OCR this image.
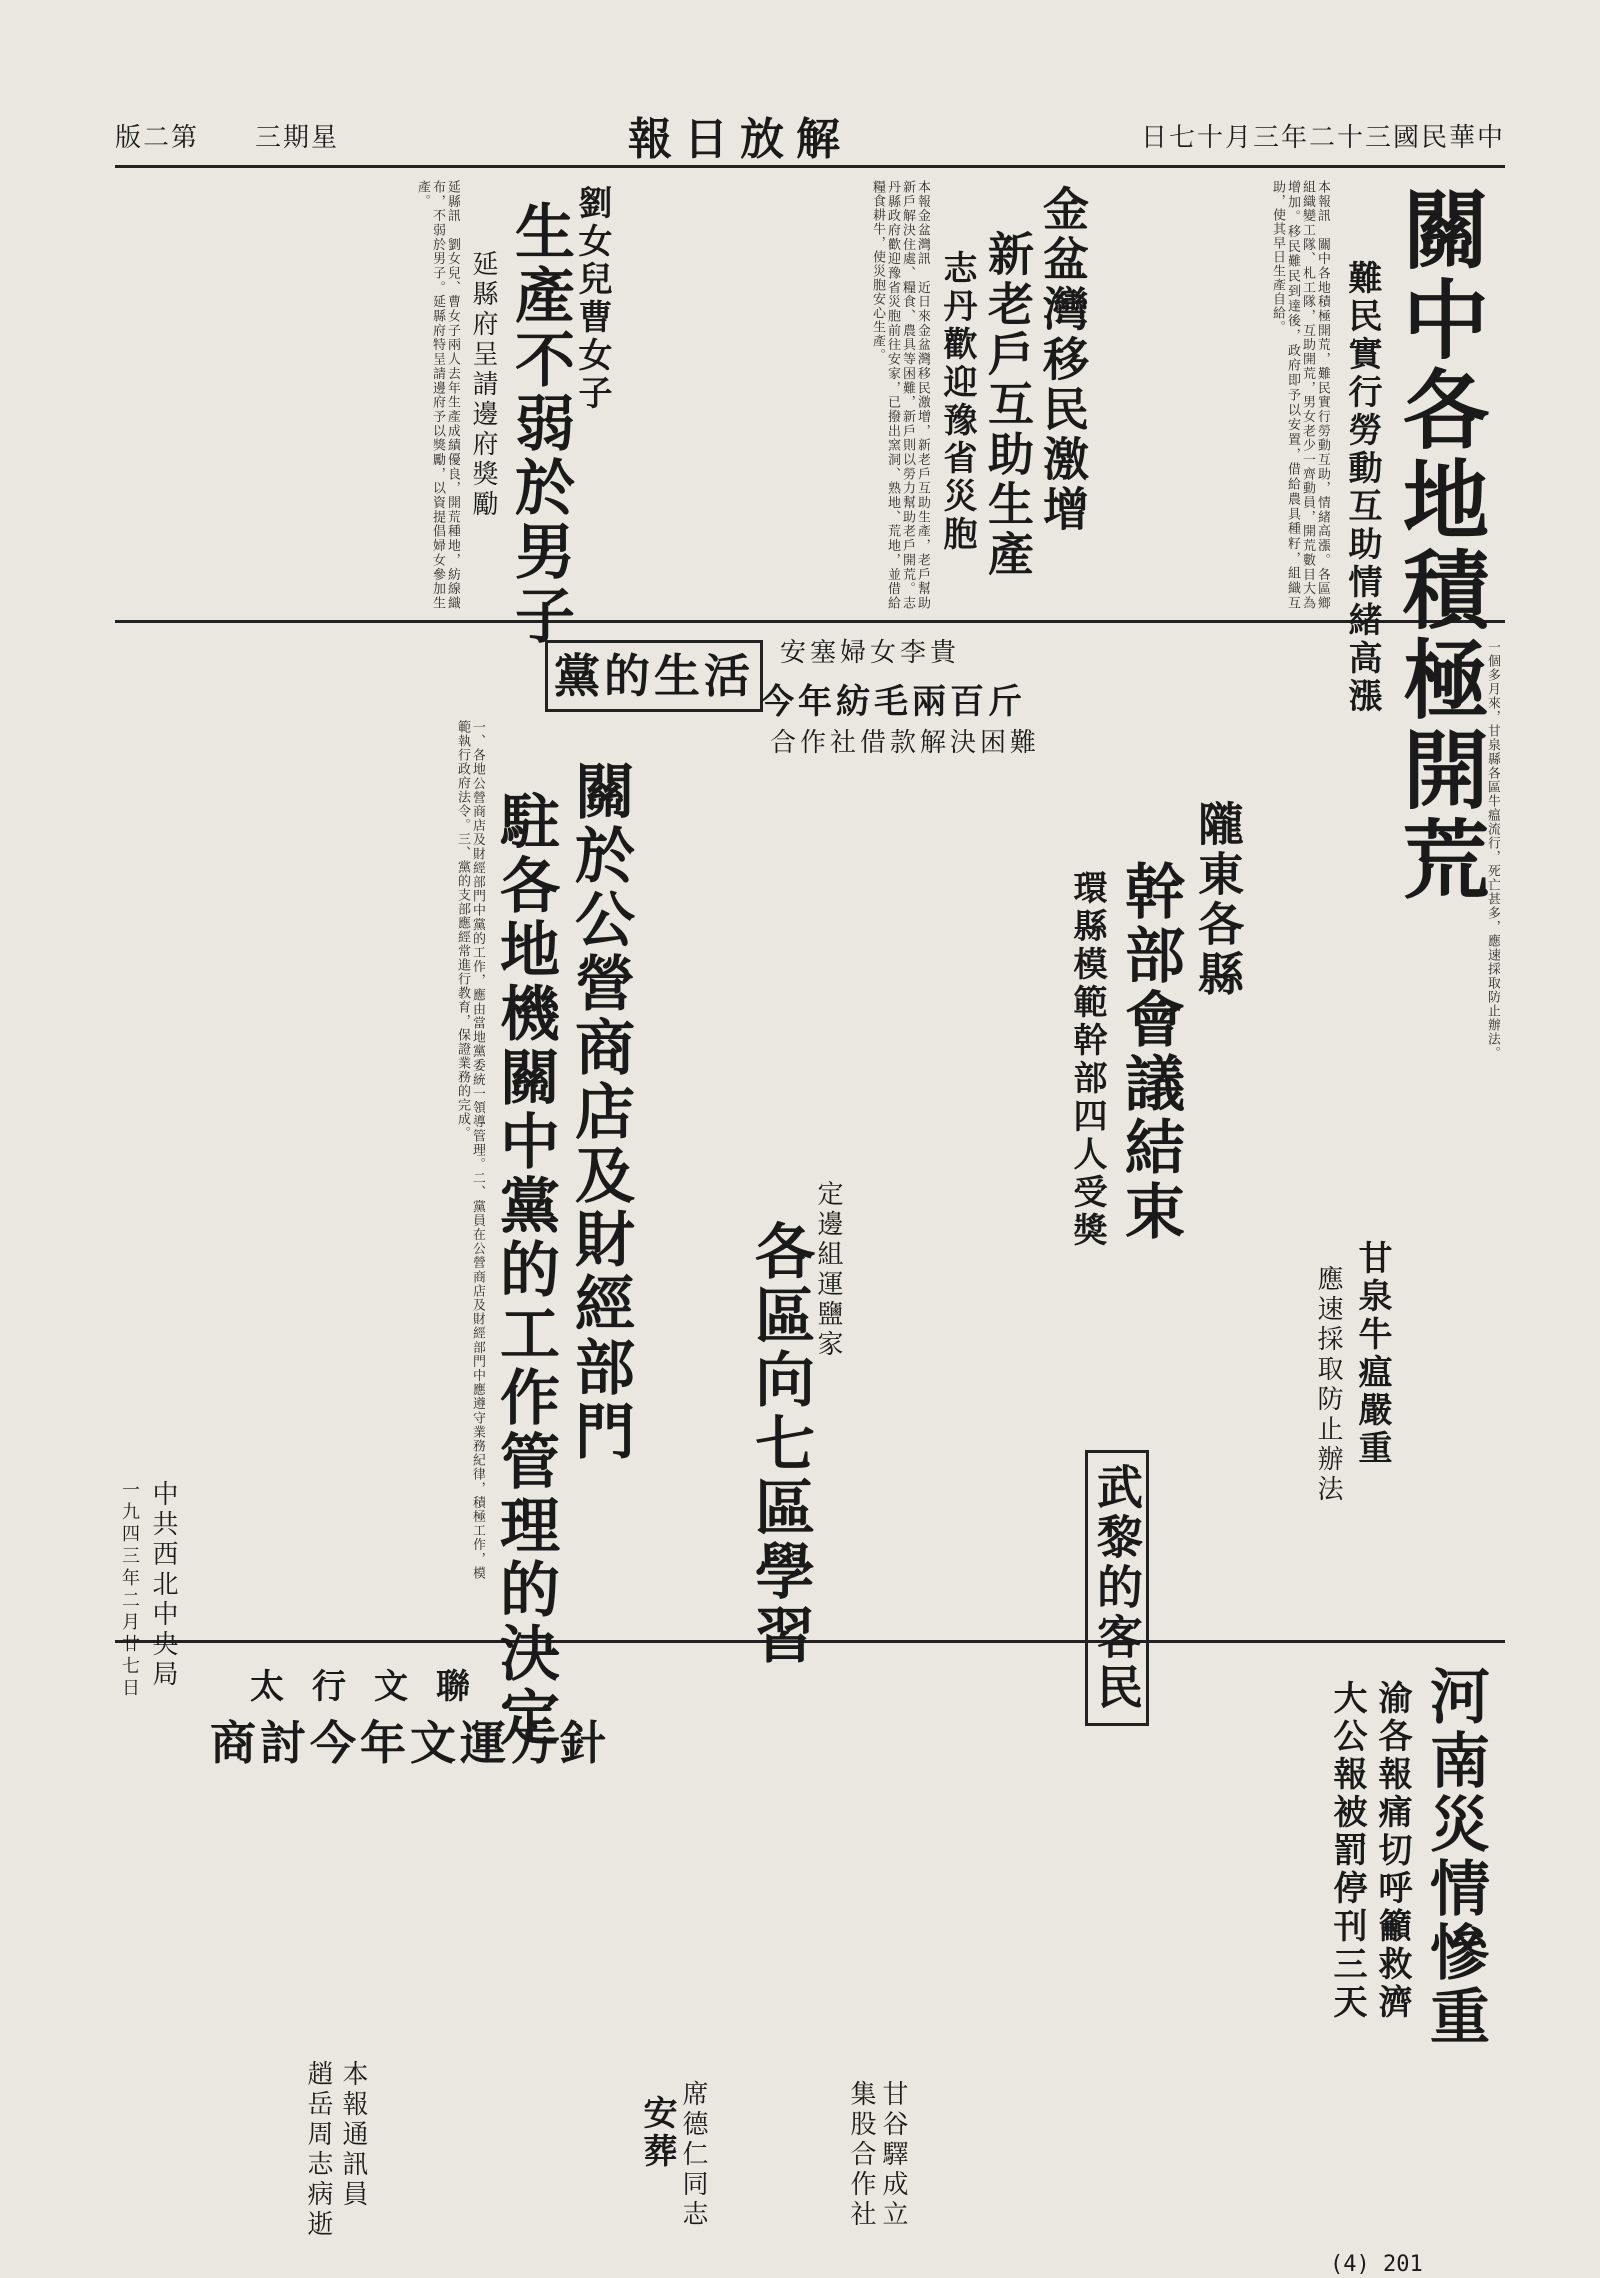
版二第　　三期星	報日放解	日七十月三年二十三國民華中
關中各地積極開荒
難民實行勞動互助情緒高漲
本報訊　關中各地積極開荒，難民實行勞動互助，情緒高漲。各區鄉組織變工隊、札工隊，互助開荒，男女老少一齊動員，開荒數目大為增加。移民難民到達後，政府即予以安置，借給農具種籽，組織互助，使其早日生產自給。
金盆灣移民激增
新老戶互助生產
志丹歡迎豫省災胞
本報金盆灣訊　近日來金盆灣移民激增，新老戶互助生產，老戶幫助新戶解決住處、糧食、農具等困難，新戶則以勞力幫助老戶開荒。志丹縣政府歡迎豫省災胞前往安家，已撥出窯洞、熟地、荒地，並借給糧食耕牛，使災胞安心生產。
劉女兒曹女子
生產不弱於男子
延縣府呈請邊府獎勵
延縣訊　劉女兒、曹女子兩人去年生產成績優良，開荒種地，紡線織布，不弱於男子。延縣府特呈請邊府予以獎勵，以資提倡婦女參加生產。
黨的生活
關於公營商店及財經部門
駐各地機關中黨的工作管理的決定
一、各地公營商店及財經部門中黨的工作，應由當地黨委統一領導管理。二、黨員在公營商店及財經部門中應遵守業務紀律，積極工作，模範執行政府法令。三、黨的支部應經常進行教育，保證業務的完成。
中共西北中央局
一九四三年二月廿七日
安塞婦女李貴
今年紡毛兩百斤
合作社借款解決困難
隴東各縣
幹部會議結束
環縣模範幹部四人受獎
甘泉牛瘟嚴重
應速採取防止辦法
一個多月來，甘泉縣各區牛瘟流行，死亡甚多，應速採取防止辦法。
定邊組運鹽家
各區向七區學習	武黎的客民
河南災情慘重
渝各報痛切呼籲救濟
大公報被罰停刊三天
太行文聯
商討今年文運方針
甘谷驛成立
集股合作社
席德仁同志
安葬
本報通訊員
趙岳周志病逝
(4) 201
